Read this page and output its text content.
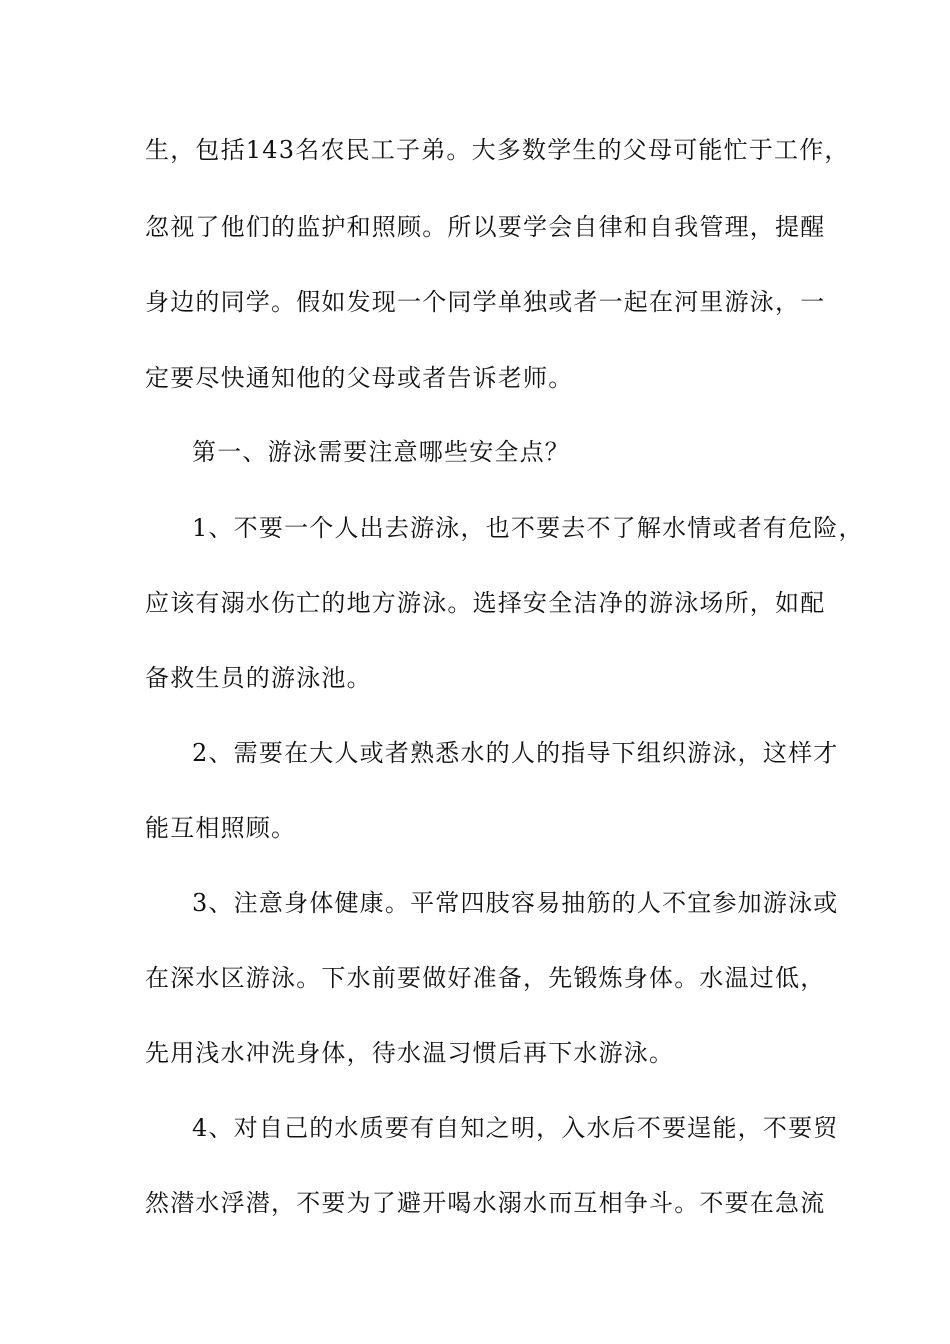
生，包括143名农民工子弟。大多数学生的父母可能忙于工作，
忽视了他们的监护和照顾。所以要学会自律和自我管理，提醒
身边的同学。假如发现一个同学单独或者一起在河里游泳，一
定要尽快通知他的父母或者告诉老师。
第一、游泳需要注意哪些安全点？
1、不要一个人出去游泳，也不要去不了解水情或者有危险，
应该有溺水伤亡的地方游泳。选择安全洁净的游泳场所，如配
备救生员的游泳池。
2、需要在大人或者熟悉水的人的指导下组织游泳，这样才
能互相照顾。
3、注意身体健康。平常四肢容易抽筋的人不宜参加游泳或
在深水区游泳。下水前要做好准备，先锻炼身体。水温过低，
先用浅水冲洗身体，待水温习惯后再下水游泳。
4、对自己的水质要有自知之明，入水后不要逞能，不要贸
然潜水浮潜，不要为了避开喝水溺水而互相争斗。不要在急流
